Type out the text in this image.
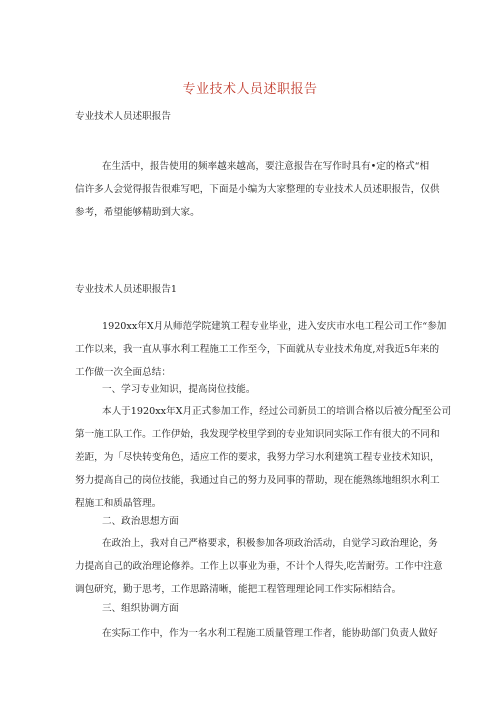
专业技术人员述职报告
专业技术人员述职报告
在生活中，报告使用的频率越来越高，要注意报告在写作时具有•定的格式“相
信许多人会觉得报告很难写吧，下面是小编为大家整理的专业技术人员述职报告，仅供
参考，希望能够精助到大家。
专业技术人员述职报告1
1920xx年X月从师范学院建筑工程专业毕业，进入安庆市水电工程公司工作“参加
工作以来，我一直从事水利工程施工工作至今，下面就从专业技术角度,对我近5年来的
工作做一次全面总结：
一、学习专业知识，提高岗位技能。
本人于1920xx年X月正式参加工作，经过公司新员工的培训合格以后被分配至公司
第一施工队工作。工作伊始，我发现学校里学到的专业知识同实际工作有很大的不同和
差距，为「尽快转变角色，适应工作的要求，我努力学习水利建筑工程专业技术知识，
努力提高自己的岗位技能，我通过自己的努力及同事的帮助，现在能熟练地组织水利工
程施工和质晶管理。
二、政治思想方面
在政治上，我对自己严格要求，积极参加各项政治活动，自觉学习政治理论，务
力提高自己的政治理论修养。工作上以事业为垂，不计个人得失,吃苦耐劳。工作中注意
调包研究，勤于思考，工作思路清晰，能把工程管理理论同工作实际相结合。
三、组织协调方面
在实际工作中，作为一名水利工程施工质量管理工作者，能协助部门负责人做好
